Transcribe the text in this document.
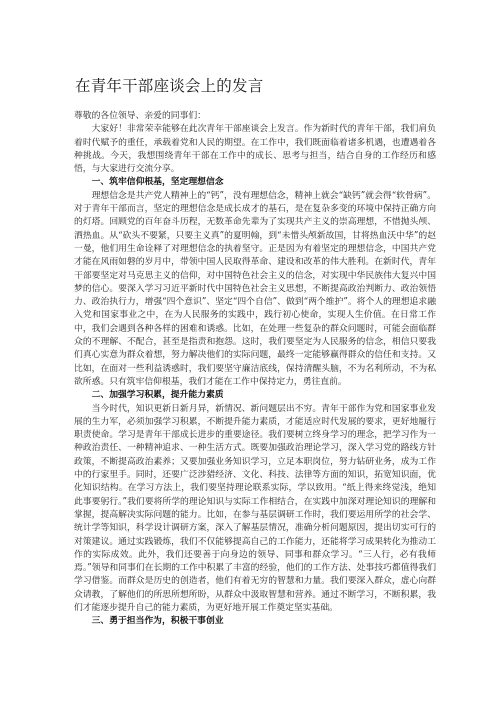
在青年干部座谈会上的发言

尊敬的各位领导、亲爱的同事们：

大家好！非常荣幸能够在此次青年干部座谈会上发言。作为新时代的青年干部，我们肩负着时代赋予的重任，承载着党和人民的期望。在工作中，我们既面临着诸多机遇，也遭遇着各种挑战。今天，我想围绕青年干部在工作中的成长、思考与担当，结合自身的工作经历和感悟，与大家进行交流分享。

一、筑牢信仰根基，坚定理想信念

理想信念是共产党人精神上的“钙”，没有理想信念，精神上就会“缺钙”就会得“软骨病”。对于青年干部而言，坚定的理想信念是成长成才的基石，是在复杂多变的环境中保持正确方向的灯塔。回顾党的百年奋斗历程，无数革命先辈为了实现共产主义的崇高理想，不惜抛头颅、洒热血。从“砍头不要紧，只要主义真”的夏明翰，到“未惜头颅新故国，甘将热血沃中华”的赵一曼，他们用生命诠释了对理想信念的执着坚守。正是因为有着坚定的理想信念，中国共产党才能在风雨如磐的岁月中，带领中国人民取得革命、建设和改革的伟大胜利。在新时代，青年干部要坚定对马克思主义的信仰，对中国特色社会主义的信念，对实现中华民族伟大复兴中国梦的信心。要深入学习习近平新时代中国特色社会主义思想，不断提高政治判断力、政治领悟力、政治执行力，增强“四个意识”、坚定“四个自信”、做到“两个维护”。将个人的理想追求融入党和国家事业之中，在为人民服务的实践中，践行初心使命，实现人生价值。在日常工作中，我们会遇到各种各样的困难和诱惑。比如，在处理一些复杂的群众问题时，可能会面临群众的不理解、不配合，甚至是指责和抱怨。这时，我们要坚定为人民服务的信念，相信只要我们真心实意为群众着想，努力解决他们的实际问题，最终一定能够赢得群众的信任和支持。又比如，在面对一些利益诱惑时，我们要坚守廉洁底线，保持清醒头脑，不为名利所动，不为私欲所惑。只有筑牢信仰根基，我们才能在工作中保持定力，勇往直前。

二、加强学习积累，提升能力素质

当今时代，知识更新日新月异，新情况、新问题层出不穷。青年干部作为党和国家事业发展的生力军，必须加强学习积累，不断提升能力素质，才能适应时代发展的要求，更好地履行职责使命。学习是青年干部成长进步的重要途径。我们要树立终身学习的理念，把学习作为一种政治责任、一种精神追求、一种生活方式。既要加强政治理论学习，深入学习党的路线方针政策，不断提高政治素养；又要加强业务知识学习，立足本职岗位，努力钻研业务，成为工作中的行家里手。同时，还要广泛涉猎经济、文化、科技、法律等方面的知识，拓宽知识面，优化知识结构。在学习方法上，我们要坚持理论联系实际，学以致用。“纸上得来终觉浅，绝知此事要躬行。”我们要将所学的理论知识与实际工作相结合，在实践中加深对理论知识的理解和掌握，提高解决实际问题的能力。比如，在参与基层调研工作时，我们要运用所学的社会学、统计学等知识，科学设计调研方案，深入了解基层情况，准确分析问题原因，提出切实可行的对策建议。通过实践锻炼，我们不仅能够提高自己的工作能力，还能将学习成果转化为推动工作的实际成效。此外，我们还要善于向身边的领导、同事和群众学习。“三人行，必有我师焉。”领导和同事们在长期的工作中积累了丰富的经验，他们的工作方法、处事技巧都值得我们学习借鉴。而群众是历史的创造者，他们有着无穷的智慧和力量。我们要深入群众，虚心向群众请教，了解他们的所思所想所盼，从群众中汲取智慧和营养。通过不断学习，不断积累，我们才能逐步提升自己的能力素质，为更好地开展工作奠定坚实基础。

三、勇于担当作为，积极干事创业
